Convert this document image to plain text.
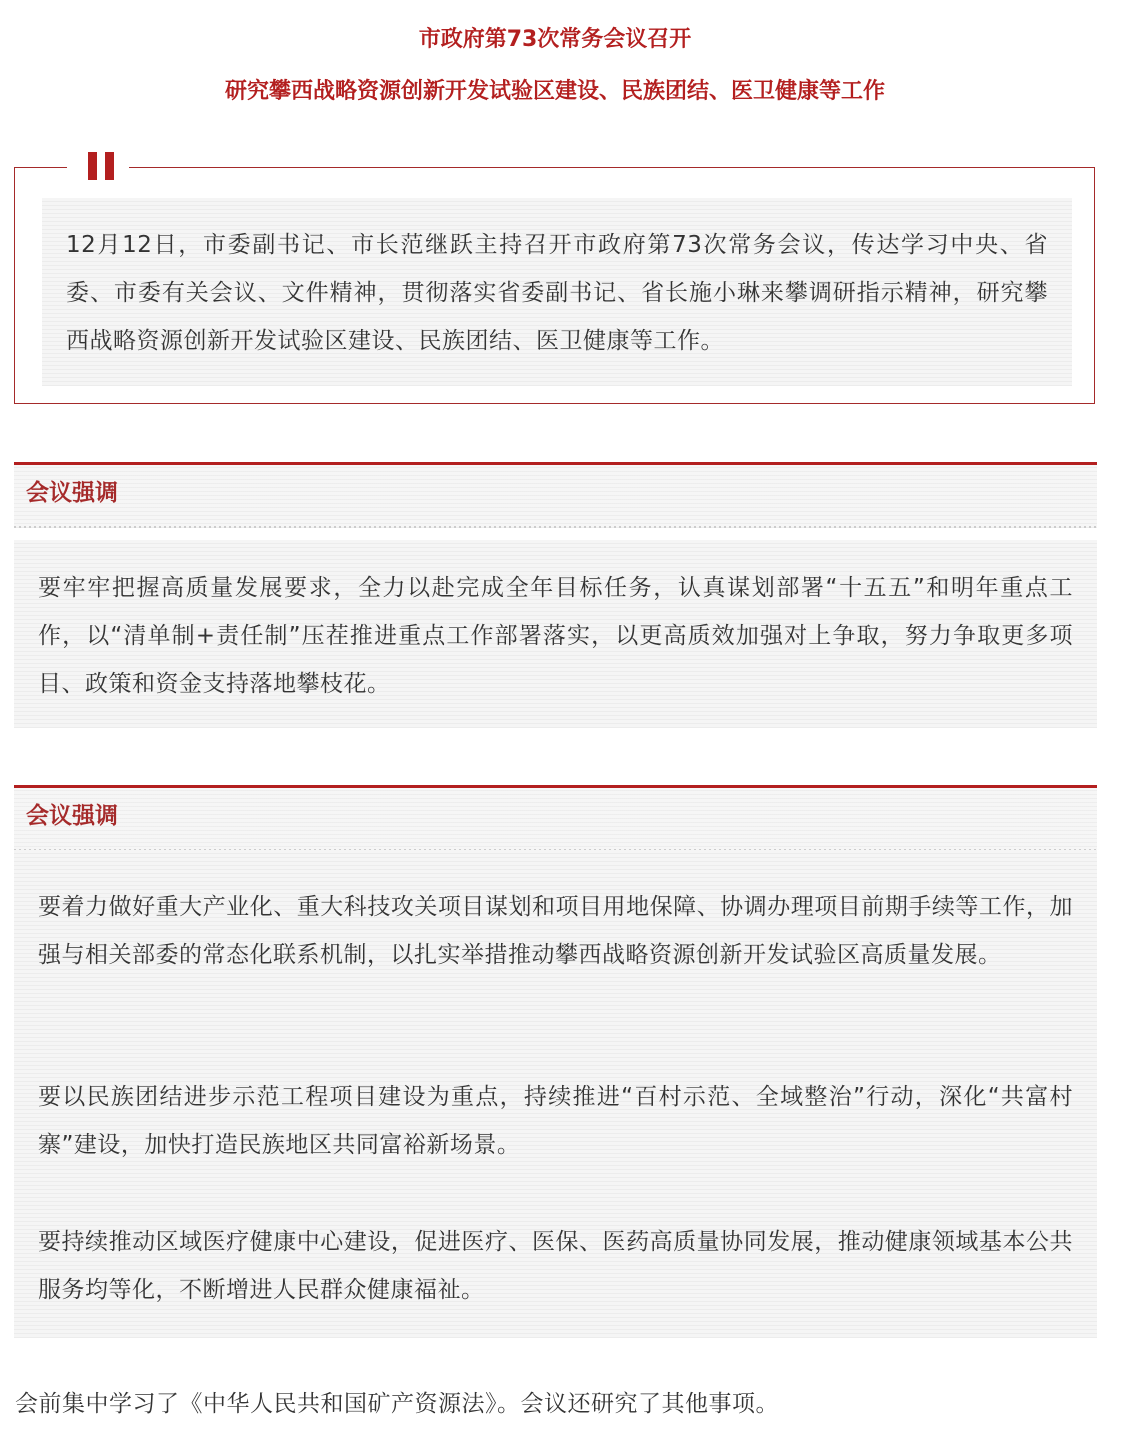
市政府第73次常务会议召开
研究攀西战略资源创新开发试验区建设、民族团结、医卫健康等工作

12月12日，市委副书记、市长范继跃主持召开市政府第73次常务会议，传达学习中央、省委、市委有关会议、文件精神，贯彻落实省委副书记、省长施小琳来攀调研指示精神，研究攀西战略资源创新开发试验区建设、民族团结、医卫健康等工作。

会议强调

要牢牢把握高质量发展要求，全力以赴完成全年目标任务，认真谋划部署“十五五”和明年重点工作，以“清单制+责任制”压茬推进重点工作部署落实，以更高质效加强对上争取，努力争取更多项目、政策和资金支持落地攀枝花。

会议强调

要着力做好重大产业化、重大科技攻关项目谋划和项目用地保障、协调办理项目前期手续等工作，加强与相关部委的常态化联系机制，以扎实举措推动攀西战略资源创新开发试验区高质量发展。

要以民族团结进步示范工程项目建设为重点，持续推进“百村示范、全域整治”行动，深化“共富村寨”建设，加快打造民族地区共同富裕新场景。

要持续推动区域医疗健康中心建设，促进医疗、医保、医药高质量协同发展，推动健康领域基本公共服务均等化，不断增进人民群众健康福祉。

会前集中学习了《中华人民共和国矿产资源法》。会议还研究了其他事项。
